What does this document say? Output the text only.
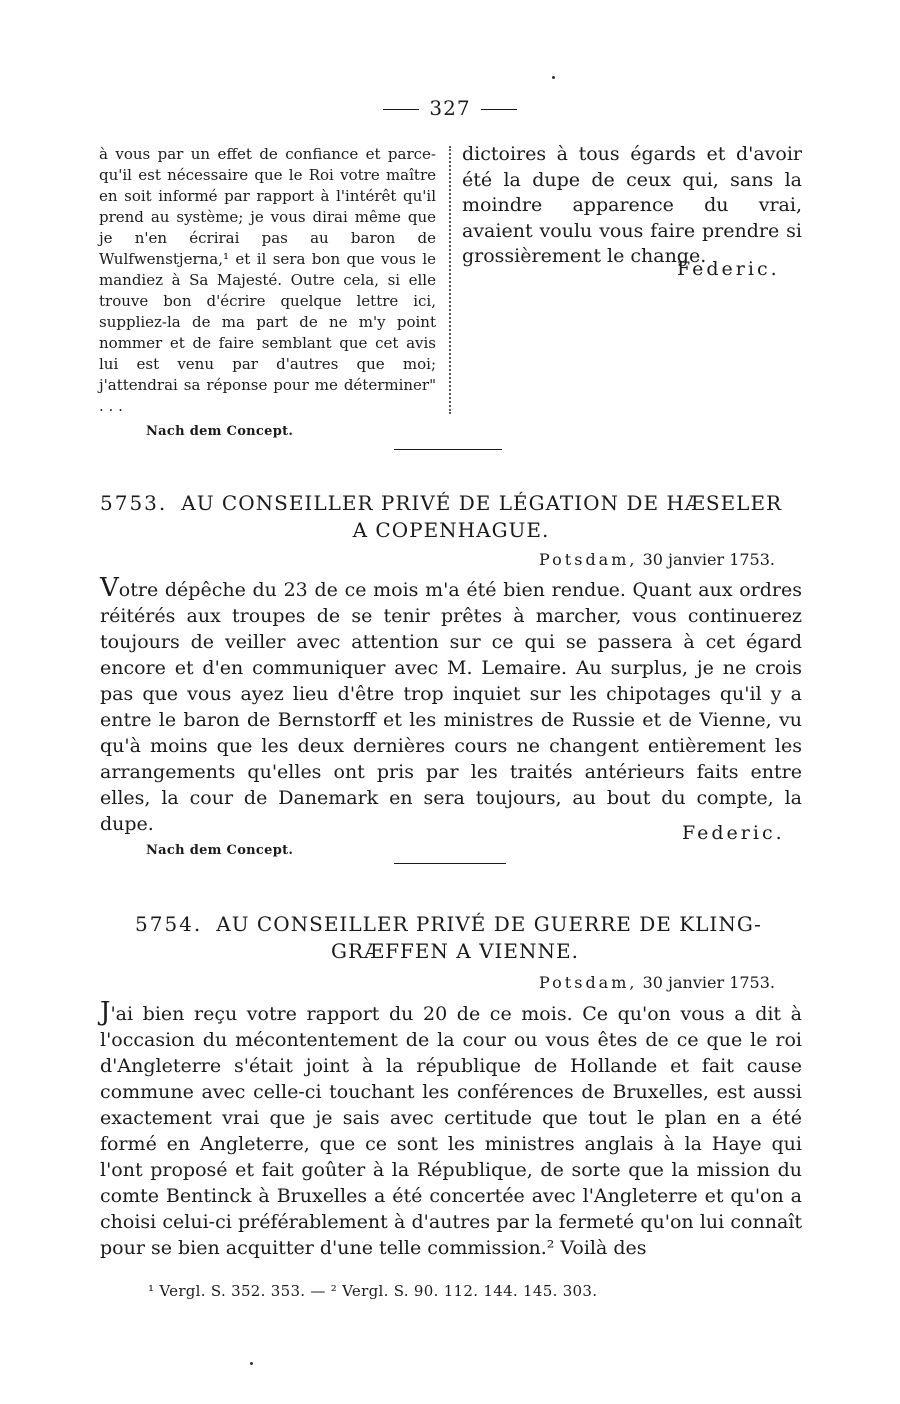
327

à vous par un effet de confiance et parce-qu'il est nécessaire que le Roi votre maître en soit informé par rapport à l'intérêt qu'il prend au système; je vous dirai même que je n'en écrirai pas au baron de Wulfwenstjerna,¹ et il sera bon que vous le mandiez à Sa Majesté. Outre cela, si elle trouve bon d'écrire quelque lettre ici, suppliez-la de ma part de ne m'y point nommer et de faire semblant que cet avis lui est venu par d'autres que moi; j'attendrai sa réponse pour me déterminer" . . .

dictoires à tous égards et d'avoir été la dupe de ceux qui, sans la moindre apparence du vrai, avaient voulu vous faire prendre si grossièrement le change.

Federic.
Nach dem Concept.
5753. AU CONSEILLER PRIVÉ DE LÉGATION DE HÆSELER
A COPENHAGUE.
Potsdam, 30 janvier 1753.

Votre dépêche du 23 de ce mois m'a été bien rendue. Quant aux ordres réitérés aux troupes de se tenir prêtes à marcher, vous continuerez toujours de veiller avec attention sur ce qui se passera à cet égard encore et d'en communiquer avec M. Lemaire. Au surplus, je ne crois pas que vous ayez lieu d'être trop inquiet sur les chipotages qu'il y a entre le baron de Bernstorff et les ministres de Russie et de Vienne, vu qu'à moins que les deux dernières cours ne changent entièrement les arrangements qu'elles ont pris par les traités antérieurs faits entre elles, la cour de Danemark en sera toujours, au bout du compte, la dupe.	Federic.
Nach dem Concept.
5754. AU CONSEILLER PRIVÉ DE GUERRE DE KLING-
GRÆFFEN A VIENNE.
Potsdam, 30 janvier 1753.

J'ai bien reçu votre rapport du 20 de ce mois. Ce qu'on vous a dit à l'occasion du mécontentement de la cour ou vous êtes de ce que le roi d'Angleterre s'était joint à la république de Hollande et fait cause commune avec celle-ci touchant les conférences de Bruxelles, est aussi exactement vrai que je sais avec certitude que tout le plan en a été formé en Angleterre, que ce sont les ministres anglais à la Haye qui l'ont proposé et fait goûter à la République, de sorte que la mission du comte Bentinck à Bruxelles a été concertée avec l'Angleterre et qu'on a choisi celui-ci préférablement à d'autres par la fermeté qu'on lui connaît pour se bien acquitter d'une telle commission.² Voilà des

¹ Vergl. S. 352. 353. — ² Vergl. S. 90. 112. 144. 145. 303.
